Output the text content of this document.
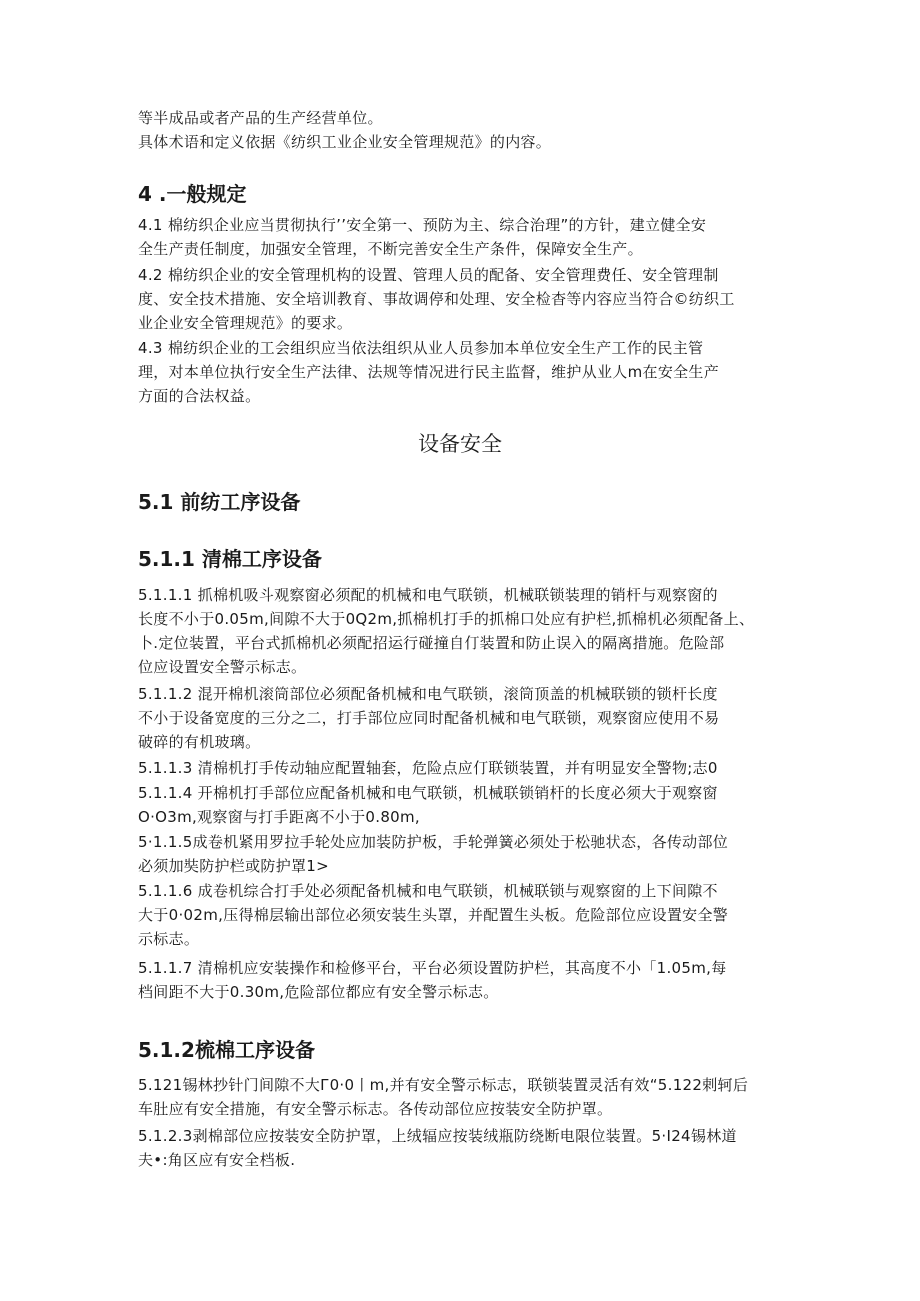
等半成品或者产品的生产经营单位。
具体术语和定义依据《纺织工业企业安全管理规范》的内容。
4 .一般规定
4.1 棉纺织企业应当贯彻执行’’安全第一、预防为主、综合治理”的方针，建立健全安
全生产责任制度，加强安全管理，不断完善安全生产条件，保障安全生产。
4.2 棉纺织企业的安全管理机构的设置、管理人员的配备、安全管理费任、安全管理制
度、安全技术措施、安全培训教育、事故调停和处理、安全检杳等内容应当符合©纺织工
业企业安全管理规范》的要求。
4.3 棉纺织企业的工会组织应当依法组织从业人员参加本单位安全生产工作的民主管
理，对本单位执行安全生产法律、法规等情况进行民主监督，维护从业人m在安全生产
方面的合法权益。
设备安全
5.1 前纺工序设备
5.1.1 清棉工序设备
5.1.1.1 抓棉机吸斗观察窗必须配的机械和电气联锁，机械联锁装理的销杆与观察窗的
长度不小于0.05m,间隙不大于0Q2m,抓棉机打手的抓棉口处应有护栏,抓棉机必须配备上、
卜.定位装置，平台式抓棉机必须配招运行碰撞自仃装置和防止误入的隔离措施。危险部
位应设置安全警示标志。
5.1.1.2 混开棉机滚筒部位必须配备机械和电气联锁，滚筒顶盖的机械联锁的锁杆长度
不小于设备宽度的三分之二，打手部位应同时配备机械和电气联锁，观察窗应使用不易
破碎的有机玻璃。
5.1.1.3 清棉机打手传动轴应配置轴套，危险点应仃联锁装置，并有明显安全警物;志0
5.1.1.4 开棉机打手部位应配备机械和电气联锁，机械联锁销杆的长度必须大于观察窗
O·O3m,观察窗与打手距离不小于0.80m,
5·1.1.5成卷机紧用罗拉手轮处应加装防护板，手轮弹簧必须处于松驰状态，各传动部位
必须加奘防护栏或防护罩1>
5.1.1.6 成卷机综合打手处必须配备机械和电气联锁，机械联锁与观察窗的上下间隙不
大于0·02m,压得棉层输出部位必须安装生头罩，并配置生头板。危险部位应设置安全警
示标志。
5.1.1.7 清棉机应安装操作和检修平台，平台必须设置防护栏，其高度不小「1.05m,每
档间距不大于0.30m,危险部位都应有安全警示标志。
5.1.2梳棉工序设备
5.121锡林抄针门间隙不大Г0·0丨m,并有安全警示标志，联锁装置灵活有效“5.122剌轲后
车肚应有安全措施，有安全警示标志。各传动部位应按装安全防护罩。
5.1.2.3剥棉部位应按装安全防护罩，上绒辐应按装绒瓶防绕断电限位装置。5·I24锡林道
夫•:角区应有安全档板.
